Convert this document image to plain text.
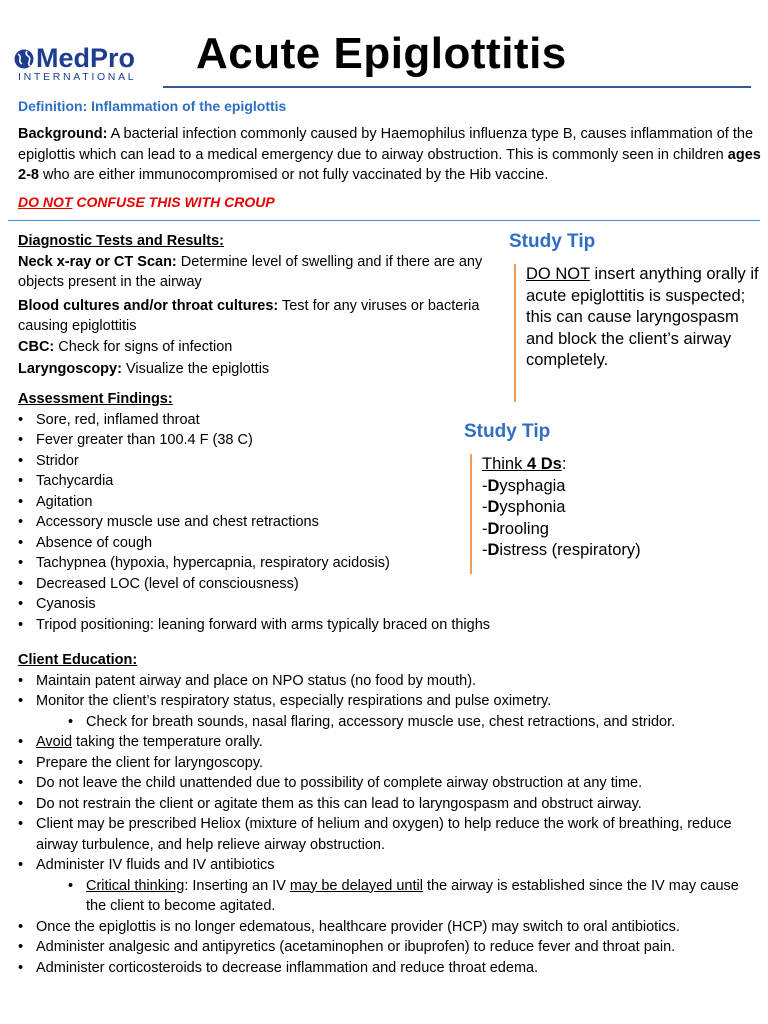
MedPro
INTERNATIONAL Acute Epiglottitis
Definition: Inflammation of the epiglottis
Background: A bacterial infection commonly caused by Haemophilus influenza type B, causes inflammation of the epiglottis which can lead to a medical emergency due to airway obstruction. This is commonly seen in children ages 2-8 who are either immunocompromised or not fully vaccinated by the Hib vaccine.
DO NOT CONFUSE THIS WITH CROUP
Diagnostic Tests and Results:
Neck x-ray or CT Scan: Determine level of swelling and if there are any objects present in the airway
Blood cultures and/or throat cultures: Test for any viruses or bacteria causing epiglottitis
CBC: Check for signs of infection
Laryngoscopy: Visualize the epiglottis
Assessment Findings:
• Sore, red, inflamed throat
• Fever greater than 100.4 F (38 C)
• Stridor
• Tachycardia
• Agitation
• Accessory muscle use and chest retractions
• Absence of cough
• Tachypnea (hypoxia, hypercapnia, respiratory acidosis)
• Decreased LOC (level of consciousness)
• Cyanosis
• Tripod positioning: leaning forward with arms typically braced on thighs
Study Tip
DO NOT insert anything orally if acute epiglottitis is suspected; this can cause laryngospasm and block the client’s airway completely.
Study Tip
Think 4 Ds:
-Dysphagia
-Dysphonia
-Drooling
-Distress (respiratory)
Client Education:
• Maintain patent airway and place on NPO status (no food by mouth).
• Monitor the client’s respiratory status, especially respirations and pulse oximetry.
• Check for breath sounds, nasal flaring, accessory muscle use, chest retractions, and stridor.
• Avoid taking the temperature orally.
• Prepare the client for laryngoscopy.
• Do not leave the child unattended due to possibility of complete airway obstruction at any time.
• Do not restrain the client or agitate them as this can lead to laryngospasm and obstruct airway.
• Client may be prescribed Heliox (mixture of helium and oxygen) to help reduce the work of breathing, reduce airway turbulence, and help relieve airway obstruction.
• Administer IV fluids and IV antibiotics
• Critical thinking: Inserting an IV may be delayed until the airway is established since the IV may cause the client to become agitated.
• Once the epiglottis is no longer edematous, healthcare provider (HCP) may switch to oral antibiotics.
• Administer analgesic and antipyretics (acetaminophen or ibuprofen) to reduce fever and throat pain.
• Administer corticosteroids to decrease inflammation and reduce throat edema.
